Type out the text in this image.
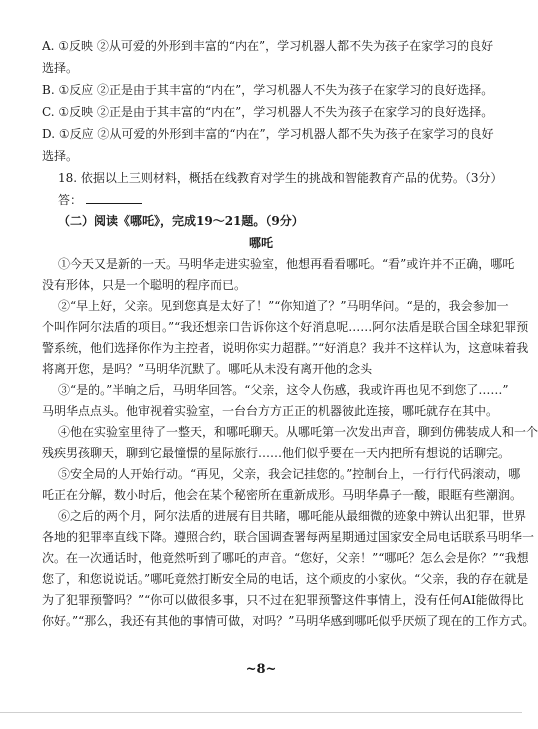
A. ①反映 ②从可爱的外形到丰富的“内在”，学习机器人都不失为孩子在家学习的良好
选择。
B. ①反应 ②正是由于其丰富的“内在”，学习机器人不失为孩子在家学习的良好选择。
C. ①反映 ②正是由于其丰富的“内在”，学习机器人不失为孩子在家学习的良好选择。
D. ①反应 ②从可爱的外形到丰富的“内在”，学习机器人都不失为孩子在家学习的良好
选择。
18. 依据以上三则材料，概括在线教育对学生的挑战和智能教育产品的优势。（3分）
答：
（二）阅读《哪吒》，完成19～21题。（9分）
哪吒
①今天又是新的一天。马明华走进实验室，他想再看看哪吒。“看”或许并不正确，哪吒
没有形体，只是一个聪明的程序而已。
②“早上好，父亲。见到您真是太好了！”“你知道了？”马明华问。“是的，我会参加一
个叫作阿尔法盾的项目。”“我还想亲口告诉你这个好消息呢……阿尔法盾是联合国全球犯罪预
警系统，他们选择你作为主控者，说明你实力超群。”“好消息？我并不这样认为，这意味着我
将离开您，是吗？”马明华沉默了。哪吒从未没有离开他的念头
③“是的。”半晌之后，马明华回答。“父亲，这令人伤感，我或许再也见不到您了……”
马明华点点头。他审视着实验室，一台台方方正正的机器彼此连接，哪吒就存在其中。
④他在实验室里待了一整天，和哪吒聊天。从哪吒第一次发出声音，聊到仿佛装成人和一个
残疾男孩聊天，聊到它最憧憬的星际旅行……他们似乎要在一天内把所有想说的话聊完。
⑤安全局的人开始行动。“再见，父亲，我会记挂您的。”控制台上，一行行代码滚动，哪
吒正在分解，数小时后，他会在某个秘密所在重新成形。马明华鼻子一酸，眼眶有些潮润。
⑥之后的两个月，阿尔法盾的进展有目共睹，哪吒能从最细微的迹象中辨认出犯罪，世界
各地的犯罪率直线下降。遵照合约，联合国调查署每两星期通过国家安全局电话联系马明华一
次。在一次通话时，他竟然听到了哪吒的声音。“您好，父亲！”“哪吒？怎么会是你？”“我想
您了，和您说说话。”哪吒竟然打断安全局的电话，这个顽皮的小家伙。“父亲，我的存在就是
为了犯罪预警吗？”“你可以做很多事，只不过在犯罪预警这件事情上，没有任何AI能做得比
你好。”“那么，我还有其他的事情可做，对吗？”马明华感到哪吒似乎厌烦了现在的工作方式。
~8~
